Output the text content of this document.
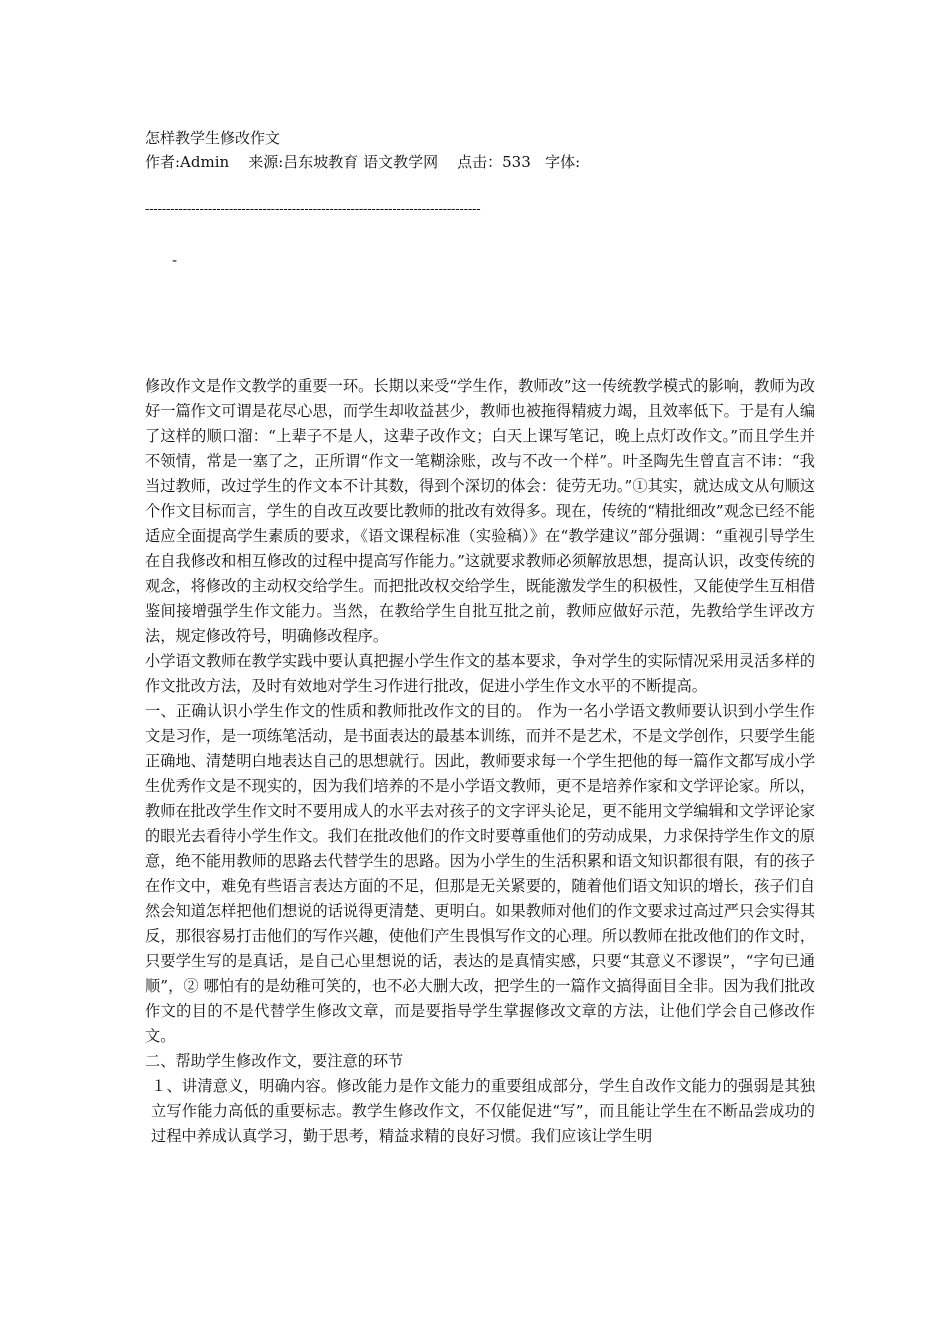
怎样教学生修改作文
作者:Admin    来源:吕东坡教育 语文教学网    点击：533   字体:
--------------------------------------------------------------------------------
-

修改作文是作文教学的重要一环。长期以来受“学生作，教师改”这一传统教学模式的影响，教师为改好一篇作文可谓是花尽心思，而学生却收益甚少，教师也被拖得精疲力竭，且效率低下。于是有人编了这样的顺口溜：“上辈子不是人，这辈子改作文；白天上课写笔记，晚上点灯改作文。”而且学生并不领情，常是一塞了之，正所谓“作文一笔糊涂账，改与不改一个样”。叶圣陶先生曾直言不讳：“我当过教师，改过学生的作文本不计其数，得到个深切的体会：徒劳无功。”①其实，就达成文从句顺这个作文目标而言，学生的自改互改要比教师的批改有效得多。现在，传统的“精批细改”观念已经不能适应全面提高学生素质的要求，《语文课程标准（实验稿）》在“教学建议”部分强调：“重视引导学生在自我修改和相互修改的过程中提高写作能力。”这就要求教师必须解放思想，提高认识，改变传统的观念，将修改的主动权交给学生。而把批改权交给学生，既能激发学生的积极性，又能使学生互相借鉴间接增强学生作文能力。当然，在教给学生自批互批之前，教师应做好示范，先教给学生评改方法，规定修改符号，明确修改程序。

小学语文教师在教学实践中要认真把握小学生作文的基本要求，争对学生的实际情况采用灵活多样的作文批改方法，及时有效地对学生习作进行批改，促进小学生作文水平的不断提高。

一、正确认识小学生作文的性质和教师批改作文的目的。 作为一名小学语文教师要认识到小学生作文是习作，是一项练笔活动，是书面表达的最基本训练，而并不是艺术，不是文学创作，只要学生能正确地、清楚明白地表达自己的思想就行。因此，教师要求每一个学生把他的每一篇作文都写成小学生优秀作文是不现实的，因为我们培养的不是小学语文教师，更不是培养作家和文学评论家。所以，教师在批改学生作文时不要用成人的水平去对孩子的文字评头论足，更不能用文学编辑和文学评论家的眼光去看待小学生作文。我们在批改他们的作文时要尊重他们的劳动成果，力求保持学生作文的原意，绝不能用教师的思路去代替学生的思路。因为小学生的生活积累和语文知识都很有限，有的孩子在作文中，难免有些语言表达方面的不足，但那是无关紧要的，随着他们语文知识的增长，孩子们自然会知道怎样把他们想说的话说得更清楚、更明白。如果教师对他们的作文要求过高过严只会实得其反，那很容易打击他们的写作兴趣，使他们产生畏惧写作文的心理。所以教师在批改他们的作文时，只要学生写的是真话，是自己心里想说的话，表达的是真情实感，只要“其意义不谬误”，“字句已通顺”，② 哪怕有的是幼稚可笑的，也不必大删大改，把学生的一篇作文搞得面目全非。因为我们批改作文的目的不是代替学生修改文章，而是要指导学生掌握修改文章的方法，让他们学会自己修改作文。

二、帮助学生修改作文，要注意的环节

１、讲清意义，明确内容。修改能力是作文能力的重要组成部分，学生自改作文能力的强弱是其独立写作能力高低的重要标志。教学生修改作文，不仅能促进“写”，而且能让学生在不断品尝成功的过程中养成认真学习，勤于思考，精益求精的良好习惯。我们应该让学生明
